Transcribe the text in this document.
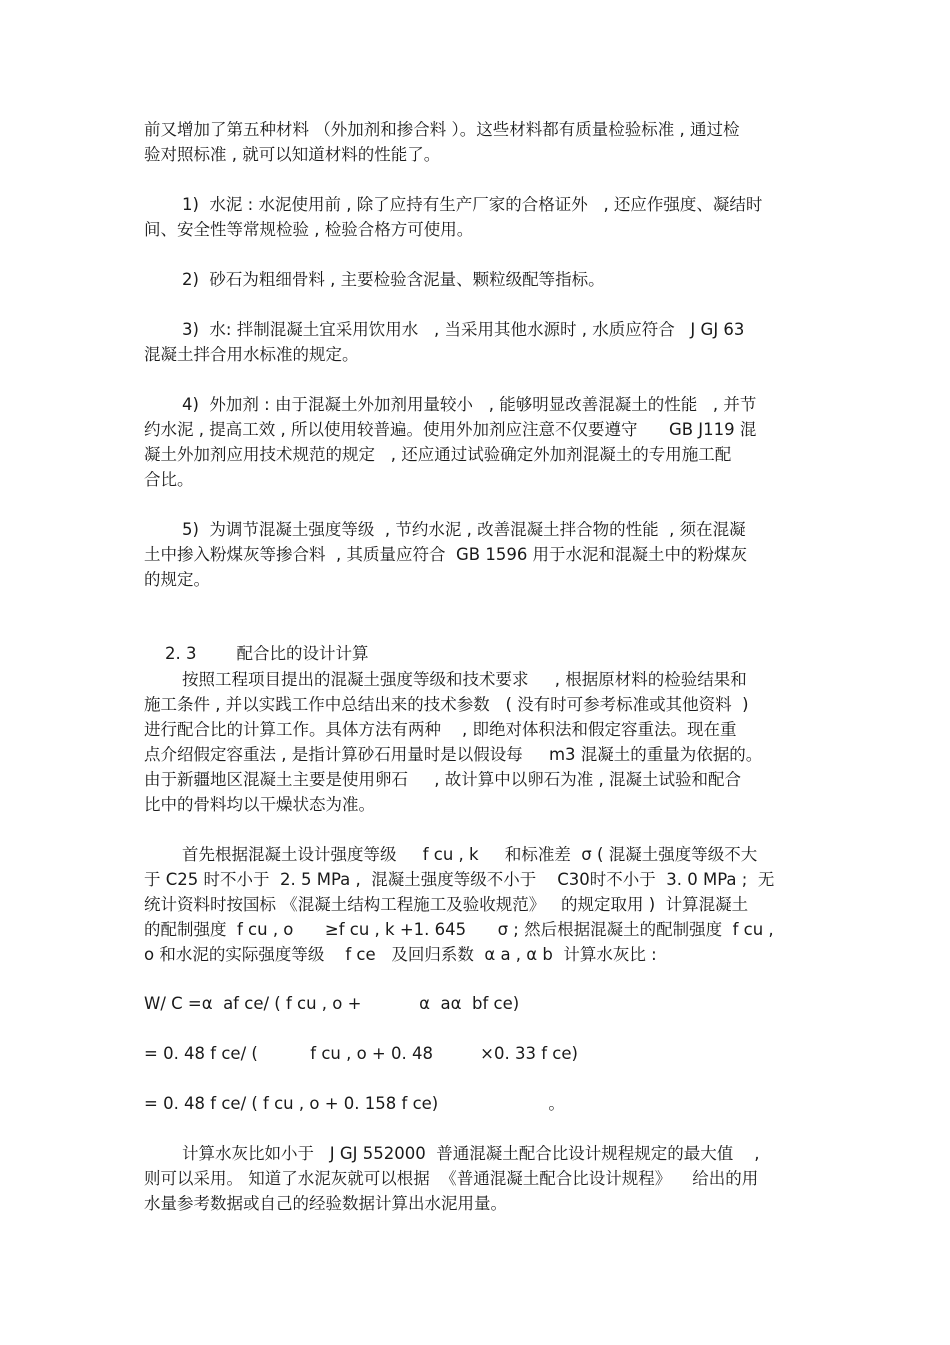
前又增加了第五种材料 （外加剂和掺合料 ）。这些材料都有质量检验标准 , 通过检
验对照标准 , 就可以知道材料的性能了。
1)  水泥 : 水泥使用前 , 除了应持有生产厂家的合格证外   , 还应作强度、凝结时
间、安全性等常规检验 , 检验合格方可使用。
2)  砂石为粗细骨料 , 主要检验含泥量、颗粒级配等指标。
3)  水: 拌制混凝土宜采用饮用水   , 当采用其他水源时 , 水质应符合   J GJ 63
混凝土拌合用水标准的规定。
4)  外加剂 : 由于混凝土外加剂用量较小   , 能够明显改善混凝土的性能   , 并节
约水泥 , 提高工效 , 所以使用较普遍。使用外加剂应注意不仅要遵守      GB J119 混
凝土外加剂应用技术规范的规定   , 还应通过试验确定外加剂混凝土的专用施工配
合比。
5)  为调节混凝土强度等级  , 节约水泥 , 改善混凝土拌合物的性能  , 须在混凝
土中掺入粉煤灰等掺合料  , 其质量应符合  GB 1596 用于水泥和混凝土中的粉煤灰
的规定。

2. 3 配合比的设计计算

按照工程项目提出的混凝土强度等级和技术要求     , 根据原材料的检验结果和
施工条件 , 并以实践工作中总结出来的技术参数   ( 没有时可参考标准或其他资料  )
进行配合比的计算工作。具体方法有两种    , 即绝对体积法和假定容重法。现在重
点介绍假定容重法 , 是指计算砂石用量时是以假设每     m3 混凝土的重量为依据的。
由于新疆地区混凝土主要是使用卵石     , 故计算中以卵石为准 , 混凝土试验和配合
比中的骨料均以干燥状态为准。
首先根据混凝土设计强度等级     f cu , k     和标准差  σ ( 混凝土强度等级不大
于 C25 时不小于  2. 5 MPa ,  混凝土强度等级不小于    C30时不小于  3. 0 MPa ;  无
统计资料时按国标 《混凝土结构工程施工及验收规范》   的规定取用 )  计算混凝土
的配制强度  f cu , o      ≥f cu , k +1. 645      σ ; 然后根据混凝土的配制强度  f cu ,
o 和水泥的实际强度等级    f ce   及回归系数  α a , α b  计算水灰比 :
W/ C =α  af ce/ ( f cu , o +           α  aα  bf ce)
= 0. 48 f ce/ (          f cu , o + 0. 48         ×0. 33 f ce)
= 0. 48 f ce/ ( f cu , o + 0. 158 f ce)                     。
计算水灰比如小于   J GJ 552000  普通混凝土配合比设计规程规定的最大值    ,
则可以采用。 知道了水泥灰就可以根据  《普通混凝土配合比设计规程》    给出的用
水量参考数据或自己的经验数据计算出水泥用量。
